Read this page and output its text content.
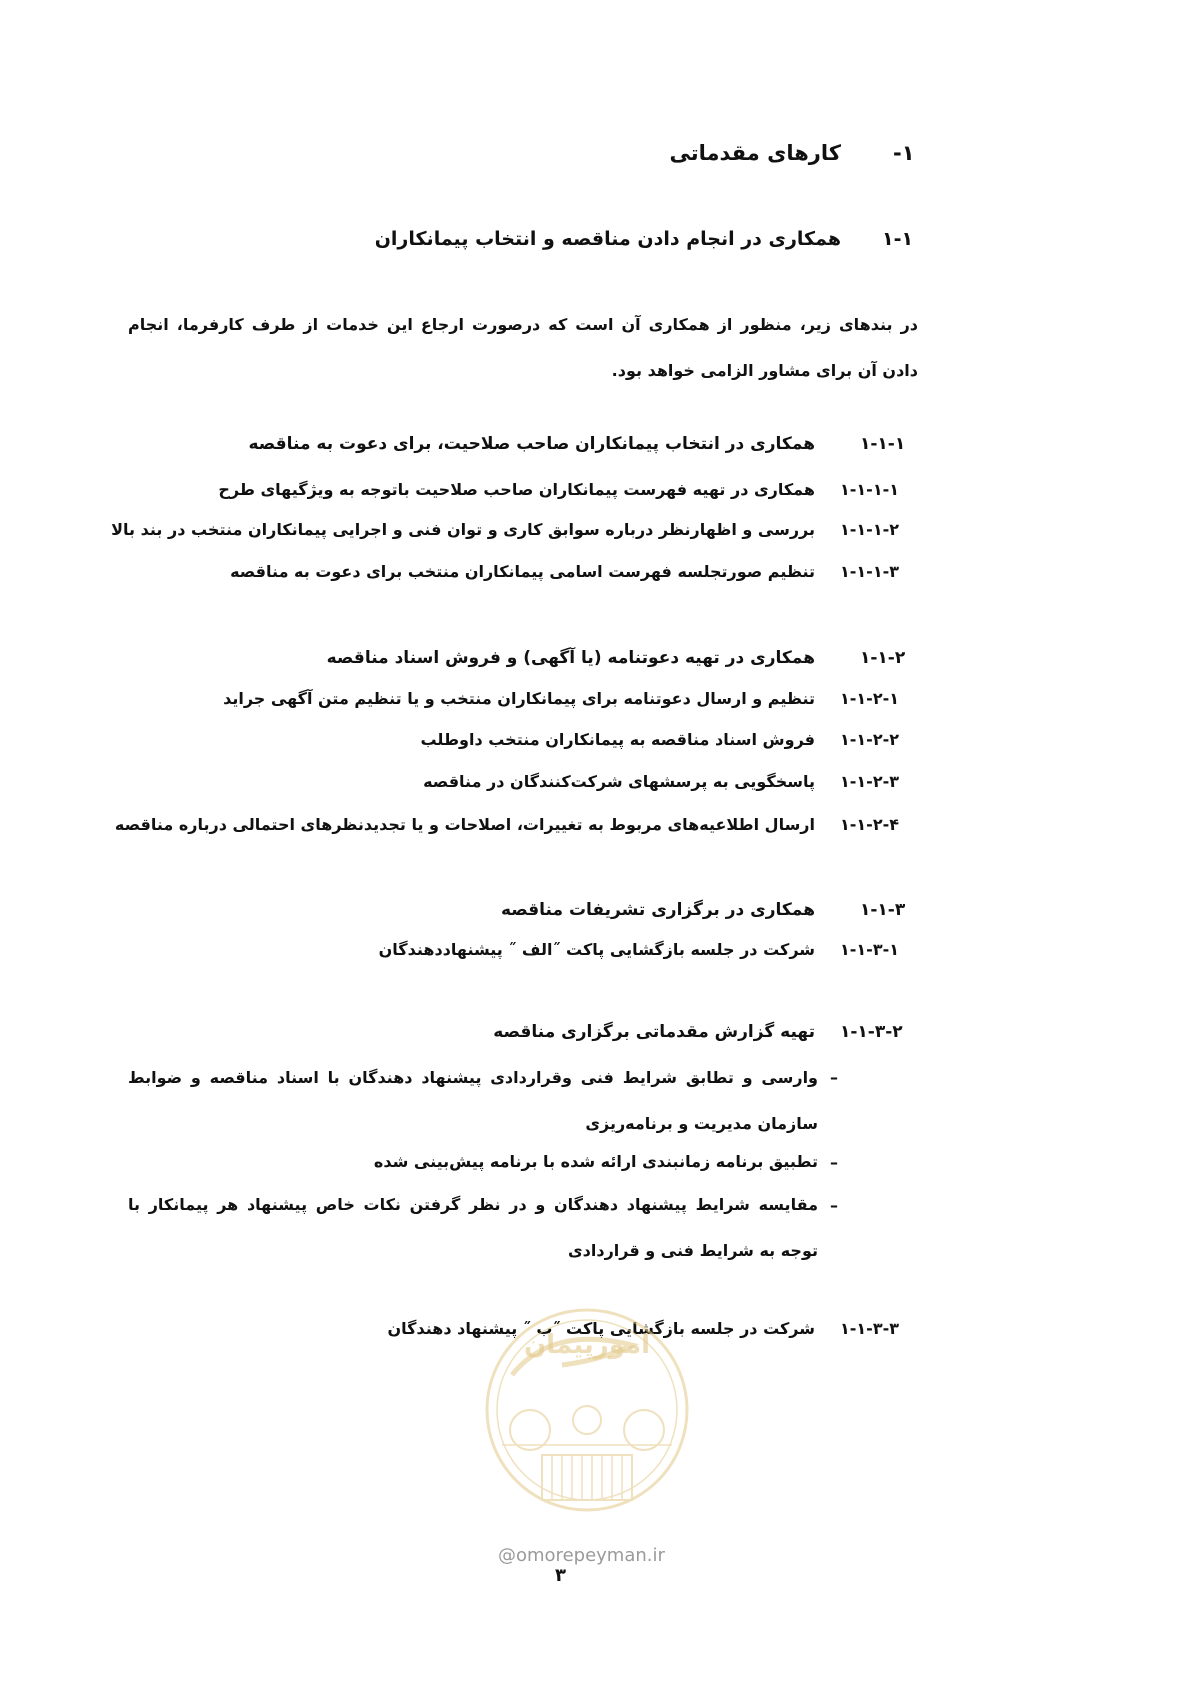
-۱
کارهای مقدماتی
۱-۱
همکاری در انجام دادن مناقصه و انتخاب پیمانکاران
در بندهای زیر، منظور از همکاری آن است که درصورت ارجاع این خدمات از طرف کارفرما، انجام دادن آن برای مشاور الزامی خواهد بود.
۱-۱-۱
همکاری در انتخاب پیمانکاران صاحب صلاحیت، برای دعوت به مناقصه
۱-۱-۱-۱
همکاری در تهیه فهرست پیمانکاران صاحب صلاحیت باتوجه به ویژگیهای طرح
۱-۱-۱-۲
بررسی و اظهارنظر درباره سوابق کاری و توان فنی و اجرایی پیمانکاران منتخب در بند بالا
۱-۱-۱-۳
تنظیم صورتجلسه فهرست اسامی پیمانکاران منتخب برای دعوت به مناقصه
۱-۱-۲
همکاری در تهیه دعوتنامه (یا آگهی) و فروش اسناد مناقصه
۱-۱-۲-۱
تنظیم و ارسال دعوتنامه برای پیمانکاران منتخب و یا تنظیم متن آگهی جراید
۱-۱-۲-۲
فروش اسناد مناقصه به پیمانکاران منتخب داوطلب
۱-۱-۲-۳
پاسخگویی به پرسشهای شرکت‌کنندگان در مناقصه
۱-۱-۲-۴
ارسال اطلاعیه‌های مربوط به تغییرات، اصلاحات و یا تجدیدنظرهای احتمالی درباره مناقصه
۱-۱-۳
همکاری در برگزاری تشریفات مناقصه
۱-۱-۳-۱
شرکت در جلسه بازگشایی پاکت ˝الف ˝ پیشنهاددهندگان
۱-۱-۳-۲
تهیه گزارش مقدماتی برگزاری مناقصه
–
وارسی و تطابق شرایط فنی وقراردادی پیشنهاد دهندگان با اسناد مناقصه و ضوابط سازمان مدیریت و برنامه‌ریزی
–
تطبیق برنامه زمانبندی ارائه شده با برنامه پیش‌بینی شده
–
مقایسه شرایط پیشنهاد دهندگان و در نظر گرفتن نکات خاص پیشنهاد هر پیمانکار با توجه به شرایط فنی و قراردادی
۱-۱-۳-۳
شرکت در جلسه بازگشایی پاکت ˝ب ˝ پیشنهاد دهندگان
امورپیمان
@omorepeyman.ir
۳
